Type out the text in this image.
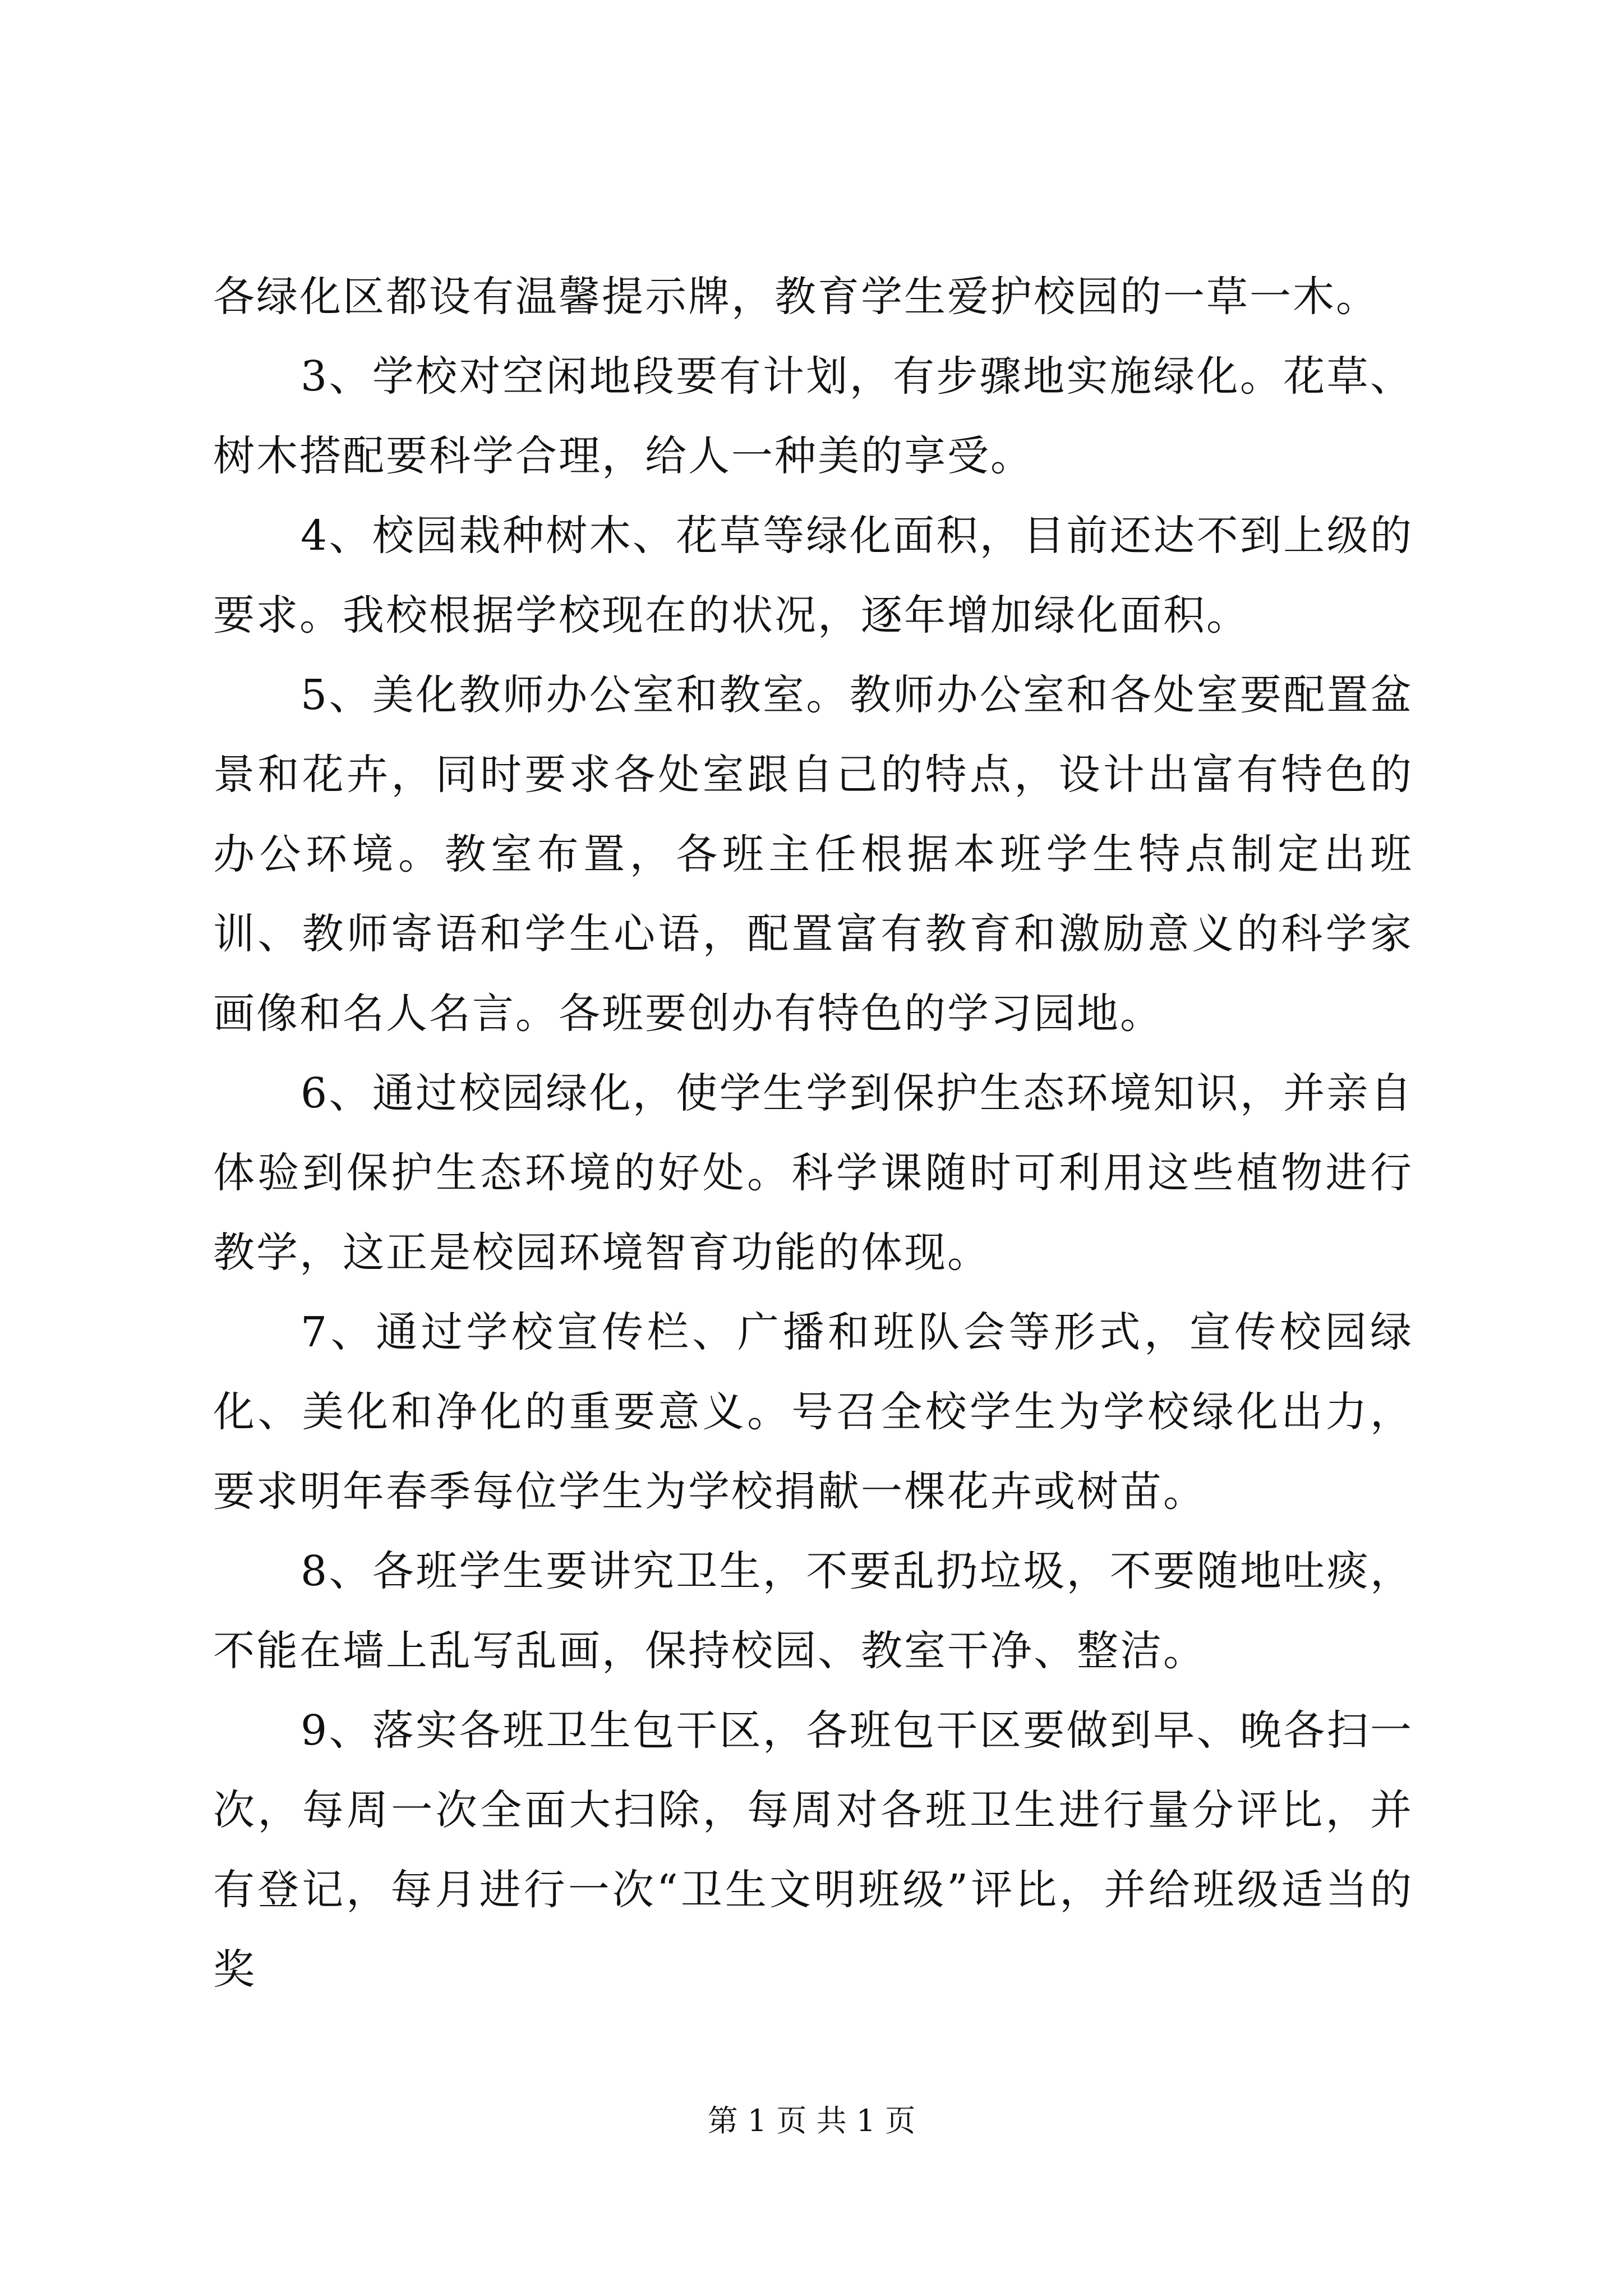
各绿化区都设有温馨提示牌，教育学生爱护校园的一草一木。

3、学校对空闲地段要有计划，有步骤地实施绿化。花草、树木搭配要科学合理，给人一种美的享受。

4、校园栽种树木、花草等绿化面积，目前还达不到上级的要求。我校根据学校现在的状况，逐年增加绿化面积。

5、美化教师办公室和教室。教师办公室和各处室要配置盆景和花卉，同时要求各处室跟自己的特点，设计出富有特色的办公环境。教室布置，各班主任根据本班学生特点制定出班训、教师寄语和学生心语，配置富有教育和激励意义的科学家画像和名人名言。各班要创办有特色的学习园地。

6、通过校园绿化，使学生学到保护生态环境知识，并亲自体验到保护生态环境的好处。科学课随时可利用这些植物进行教学，这正是校园环境智育功能的体现。

7、通过学校宣传栏、广播和班队会等形式，宣传校园绿化、美化和净化的重要意义。号召全校学生为学校绿化出力，要求明年春季每位学生为学校捐献一棵花卉或树苗。

8、各班学生要讲究卫生，不要乱扔垃圾，不要随地吐痰，不能在墙上乱写乱画，保持校园、教室干净、整洁。

9、落实各班卫生包干区，各班包干区要做到早、晚各扫一次，每周一次全面大扫除，每周对各班卫生进行量分评比，并有登记，每月进行一次“卫生文明班级”评比，并给班级适当的奖

第 1 页 共 1 页
